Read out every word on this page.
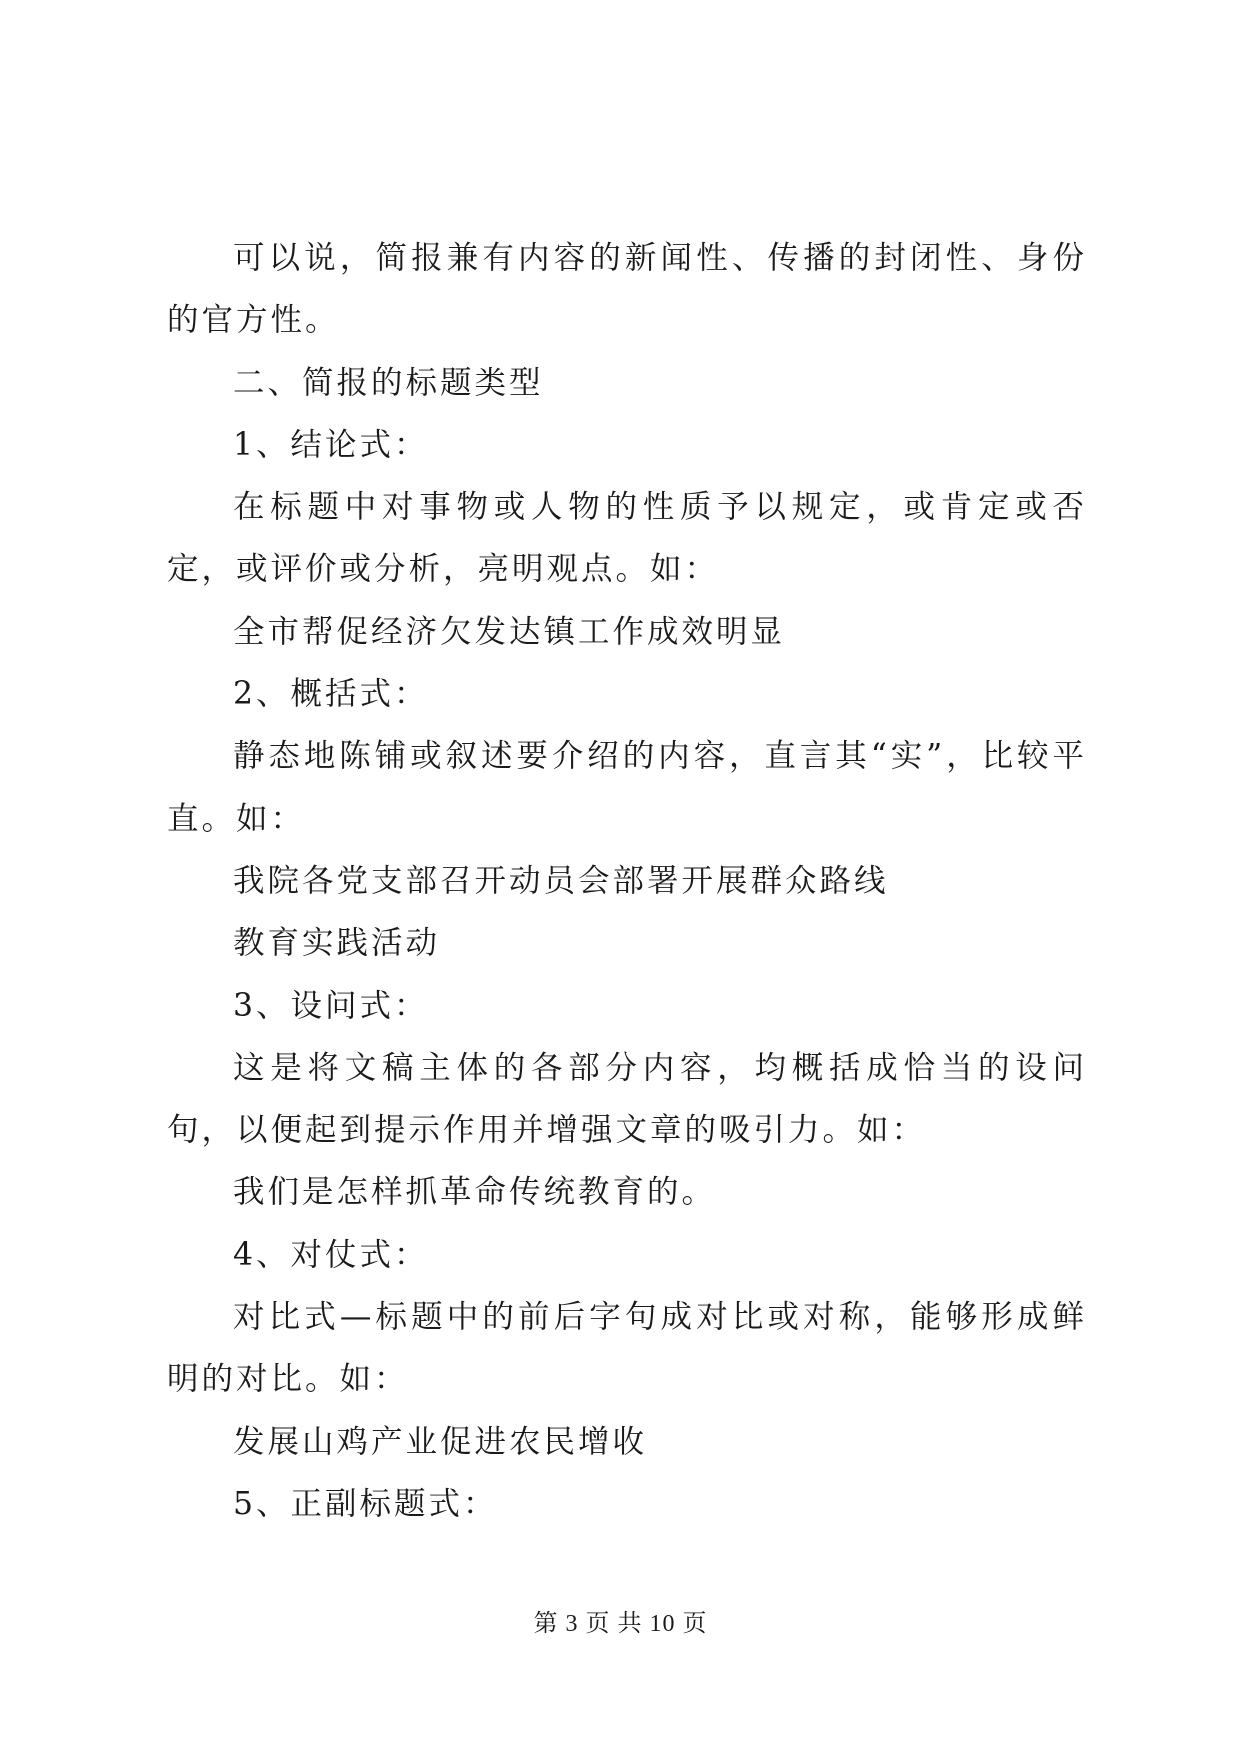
可以说，简报兼有内容的新闻性、传播的封闭性、身份的官方性。

二、简报的标题类型

1、结论式：

在标题中对事物或人物的性质予以规定，或肯定或否定，或评价或分析，亮明观点。如：

全市帮促经济欠发达镇工作成效明显

2、概括式：

静态地陈铺或叙述要介绍的内容，直言其“实”，比较平直。如：

我院各党支部召开动员会部署开展群众路线

教育实践活动

3、设问式：

这是将文稿主体的各部分内容，均概括成恰当的设问句，以便起到提示作用并增强文章的吸引力。如：

我们是怎样抓革命传统教育的。

4、对仗式：

对比式—标题中的前后字句成对比或对称，能够形成鲜明的对比。如：

发展山鸡产业促进农民增收

5、正副标题式：

第 3 页 共 10 页
